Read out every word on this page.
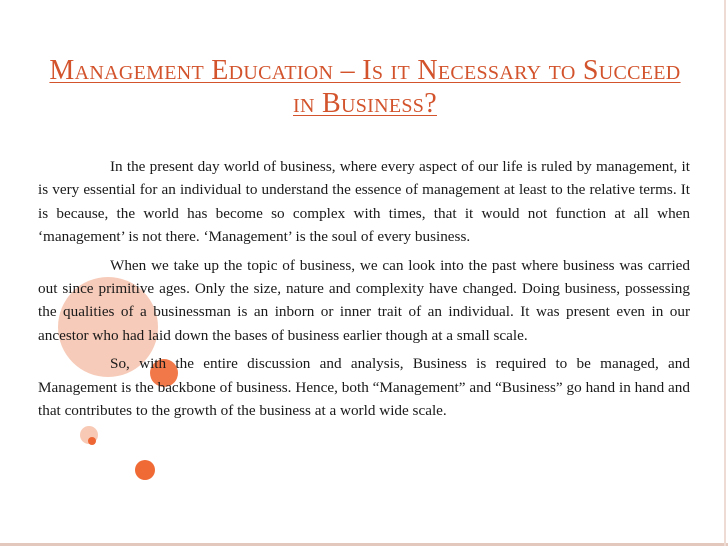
Management Education – Is it Necessary to Succeed in Business?

In the present day world of business, where every aspect of our life is ruled by management, it is very essential for an individual to understand the essence of management at least to the relative terms. It is because, the world has become so complex with times, that it would not function at all when ‘management’ is not there. ‘Management’ is the soul of every business.

When we take up the topic of business, we can look into the past where business was carried out since primitive ages. Only the size, nature and complexity have changed. Doing business, possessing the qualities of a businessman is an inborn or inner trait of an individual. It was present even in our ancestor who had laid down the bases of business earlier though at a small scale.

So, with the entire discussion and analysis, Business is required to be managed, and Management is the backbone of business. Hence, both “Management” and “Business” go hand in hand and that contributes to the growth of the business at a world wide scale.
